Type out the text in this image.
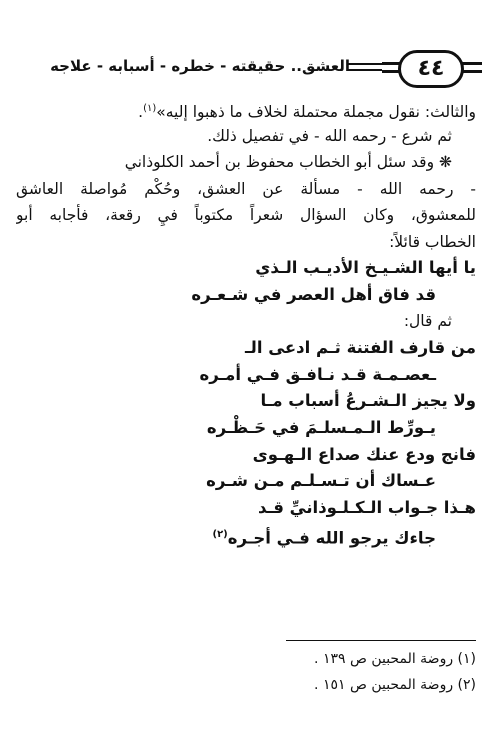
٤٤
العشق.. حقيقته - خطره - أسبابه - علاجه
والثالث: نقول مجملة محتملة لخلاف ما ذهبوا إليه»$^{(١)}$.
ثم شرع - رحمه الله - في تفصيل ذلك.
❋ وقد سئل أبو الخطاب محفوظ بن أحمد الكلوذاني
- رحمه الله - مسألة عن العشق، وحُكْم مُواصلة العاشق
للمعشوق، وكان السؤال شعراً مكتوباً فيِ رقعة، فأجابه أبو
الخطاب قائلاً:
يا أيها الشـيـخ الأديـب الـذي
قد فاق أهل العصر في شـعـره
ثم قال:
من قارف الفتنة ثـم ادعى الـ
ـعصـمـة قـد نـافـق فـي أمـره
ولا يجيز الـشـرعُ أسباب مـا
يـورِّط الـمـسلـمَ في حَـظْـره
فانج ودع عنك صداع الـهـوى
عـساك أن تـسـلـم مـن شـره
هـذا جـواب الـكـلـوذانيِّ قـد
جاءك يرجو الله فـي أجـره$^{(٢)}$
(١) روضة المحبين ص ١٣٩ .
(٢) روضة المحبين ص ١٥١ .
